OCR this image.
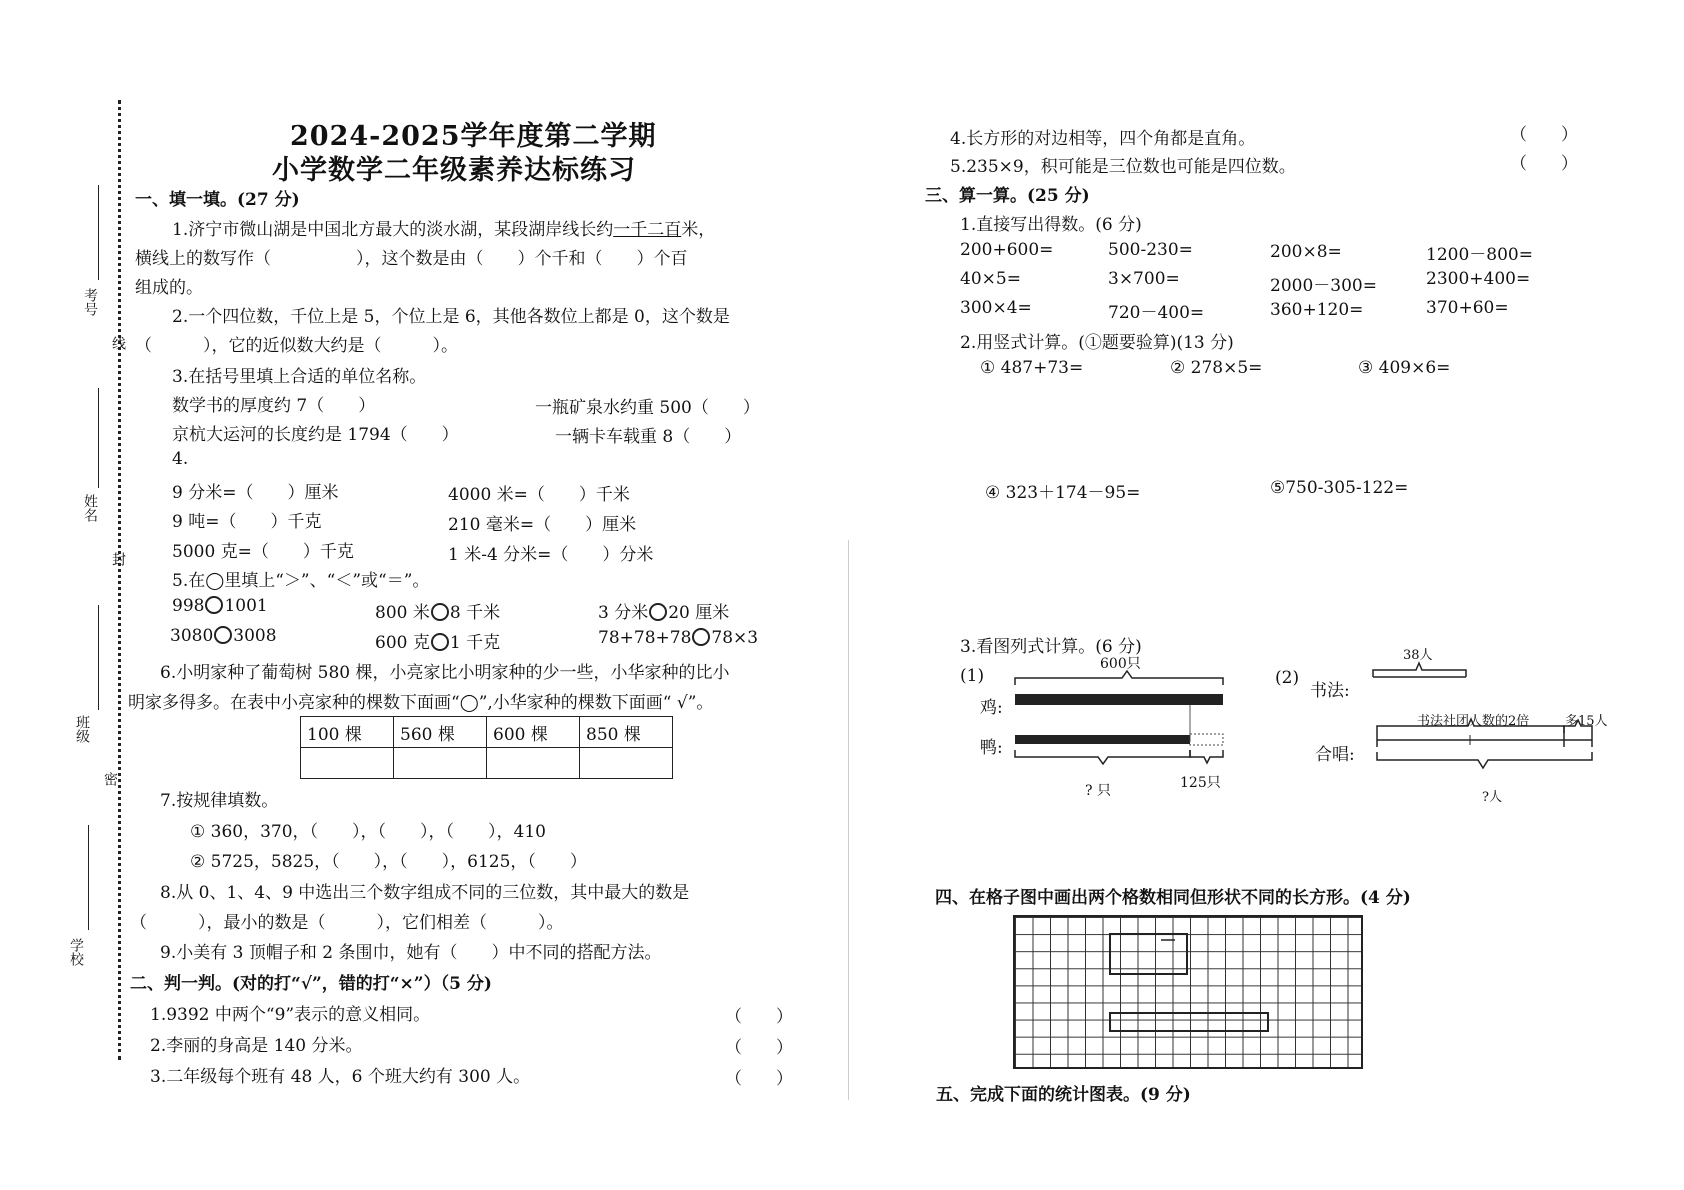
考号
线
姓名
封
班级
密
学校
2024-2025学年度第二学期
小学数学二年级素养达标练习
一、填一填。(27 分)
1.济宁市微山湖是中国北方最大的淡水湖，某段湖岸线长约一千二百米，
横线上的数写作（　　　　　），这个数是由（　　）个千和（　　）个百
组成的。
2.一个四位数，千位上是 5，个位上是 6，其他各数位上都是 0，这个数是
（　　　），它的近似数大约是（　　　）。
3.在括号里填上合适的单位名称。
数学书的厚度约 7（　　）	一瓶矿泉水约重 500（　　）
京杭大运河的长度约是 1794（　　）	一辆卡车载重 8（　　）
4.
9 分米=（　　）厘米	4000 米=（　　）千米
9 吨=（　　）千克	210 毫米=（　　）厘米
5000 克=（　　）千克	1 米-4 分米=（　　）分米
5.在◯里填上“＞”、“＜”或“＝”。
998 1001	800 米 8 千米	3 分米 20 厘米
3080 3008	600 克 1 千克	78+78+78 78×3
6.小明家种了葡萄树 580 棵，小亮家比小明家种的少一些，小华家种的比小
明家多得多。在表中小亮家种的棵数下面画“◯”,小华家种的棵数下面画“ √”。
100 棵	560 棵	600 棵	850 棵

7.按规律填数。
① 360，370，（　　），（　　），（　　），410
② 5725，5825，（　　），（　　），6125，（　　）
8.从 0、1、4、9 中选出三个数字组成不同的三位数，其中最大的数是
（　　　），最小的数是（　　　），它们相差（　　　）。
9.小美有 3 顶帽子和 2 条围巾，她有（　　）中不同的搭配方法。
二、判一判。(对的打“√”，错的打“×”）（5 分)
1.9392 中两个“9”表示的意义相同。	（　　）
2.李丽的身高是 140 分米。	（　　）
3.二年级每个班有 48 人，6 个班大约有 300 人。	（　　）
4.长方形的对边相等，四个角都是直角。	（　　）
5.235×9，积可能是三位数也可能是四位数。	（　　）
三、算一算。(25 分)
1.直接写出得数。(6 分)
200+600=	500-230=	200×8=	1200－800=
40×5=	3×700=	2000－300=	2300+400=
300×4=	720－400=	360+120=	370+60=
2.用竖式计算。(①题要验算)(13 分)
① 487+73=	② 278×5=	③ 409×6=
④ 323＋174－95=	⑤750-305-122=
3.看图列式计算。(6 分)
(1)
600只
鸡:
鸭:
? 只	125只
(2)
书法:
38人
合唱:
书法社团人数的2倍	多15人
?人
四、在格子图中画出两个格数相同但形状不同的长方形。(4 分)
五、完成下面的统计图表。(9 分)
